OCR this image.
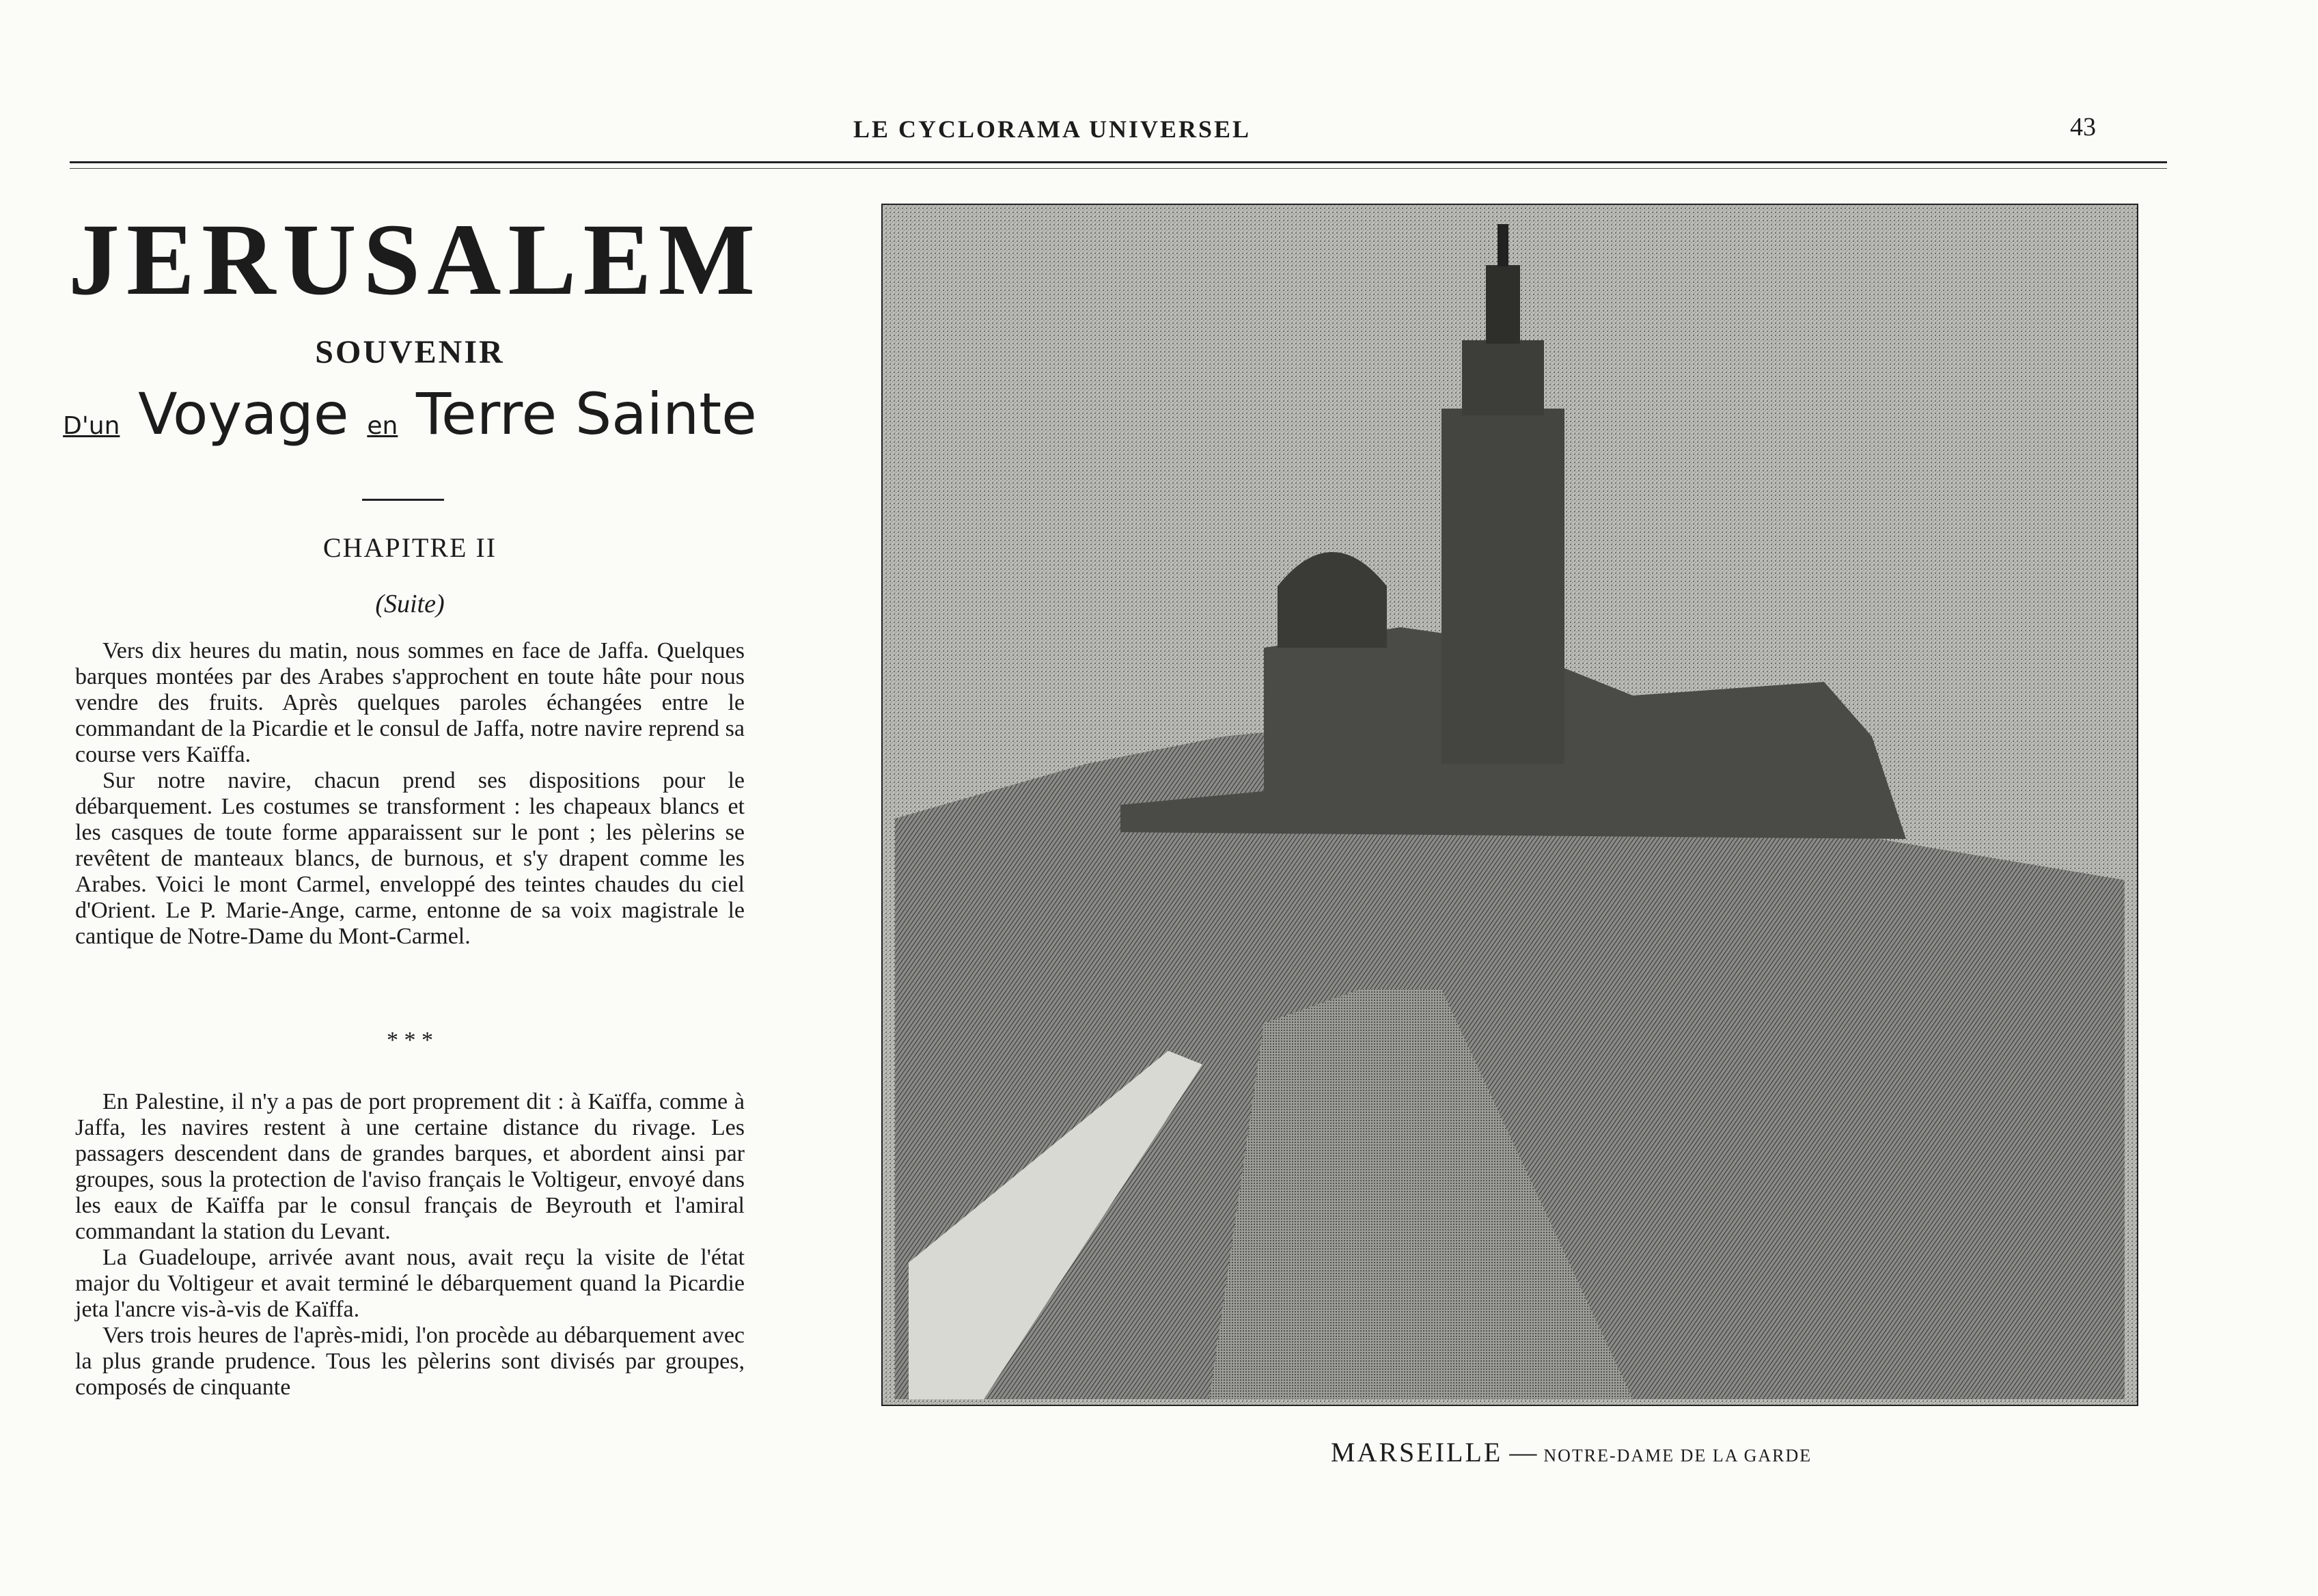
LE CYCLORAMA UNIVERSEL	43
JERUSALEM
SOUVENIR
D'un Voyage en Terre Sainte
CHAPITRE II
(Suite)

Vers dix heures du matin, nous sommes en face de Jaffa. Quelques barques montées par des Arabes s'approchent en toute hâte pour nous vendre des fruits. Après quelques paroles échangées entre le commandant de la Picardie et le consul de Jaffa, notre navire reprend sa course vers Kaïffa.

Sur notre navire, chacun prend ses dispositions pour le débarquement. Les costumes se transforment : les chapeaux blancs et les casques de toute forme apparaissent sur le pont ; les pèlerins se revêtent de manteaux blancs, de burnous, et s'y drapent comme les Arabes. Voici le mont Carmel, enveloppé des teintes chaudes du ciel d'Orient. Le P. Marie-Ange, carme, entonne de sa voix magistrale le cantique de Notre-Dame du Mont-Carmel.

* * *

En Palestine, il n'y a pas de port proprement dit : à Kaïffa, comme à Jaffa, les navires restent à une certaine distance du rivage. Les passagers descendent dans de grandes barques, et abordent ainsi par groupes, sous la protection de l'aviso français le Voltigeur, envoyé dans les eaux de Kaïffa par le consul français de Beyrouth et l'amiral commandant la station du Levant.

La Guadeloupe, arrivée avant nous, avait reçu la visite de l'état major du Voltigeur et avait terminé le débarquement quand la Picardie jeta l'ancre vis-à-vis de Kaïffa.

Vers trois heures de l'après-midi, l'on procède au débarquement avec la plus grande prudence. Tous les pèlerins sont divisés par groupes, composés de cinquante

MARSEILLE — NOTRE-DAME DE LA GARDE
